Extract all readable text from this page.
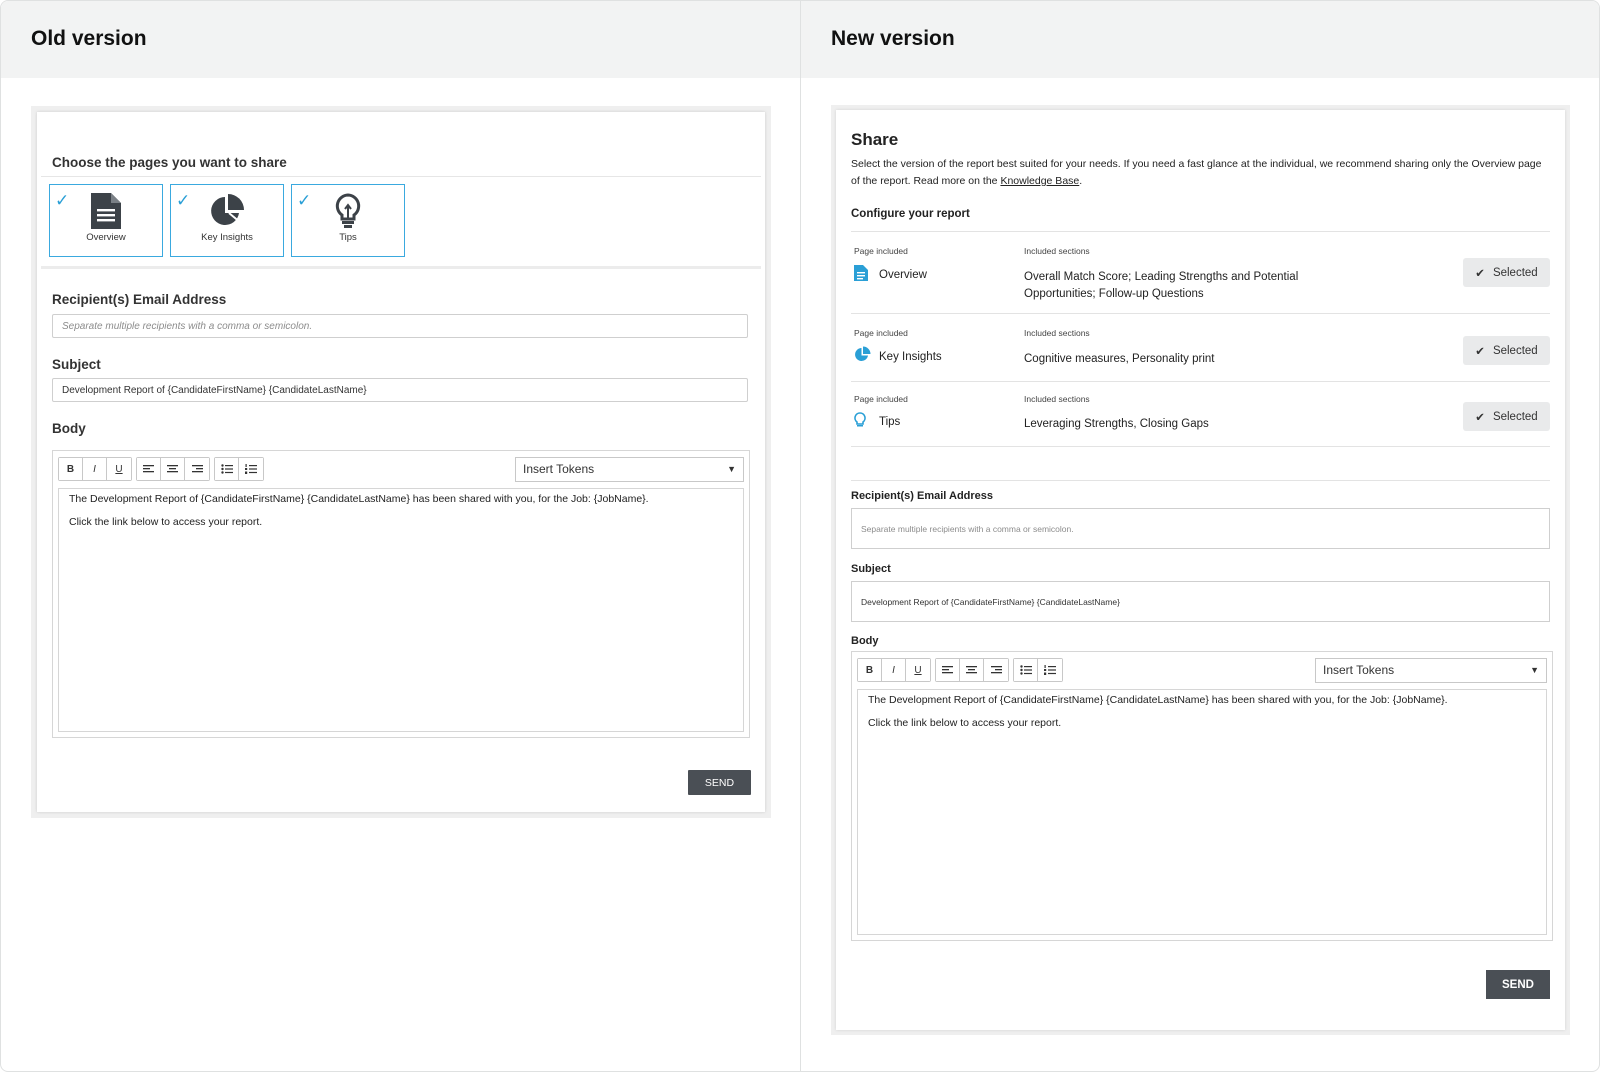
Old version
Choose the pages you want to share
✓
Overview
✓
Key Insights
✓
Tips
Recipient(s) Email Address
Separate multiple recipients with a comma or semicolon.
Subject
Development Report of {CandidateFirstName} {CandidateLastName}
Body
B	I	U	Insert Tokens	▼

The Development Report of {CandidateFirstName} {CandidateLastName} has been shared with you, for the Job: {JobName}.

Click the link below to access your report.

SEND
New version
Share
Select the version of the report best suited for your needs. If you need a fast glance at the individual, we recommend sharing only the Overview page of the report. Read more on the Knowledge Base.
Configure your report
Page included	Included sections
Overview	Overall Match Score; Leading Strengths and Potential Opportunities; Follow-up Questions
✔ Selected
Page included	Included sections
Key Insights	Cognitive measures, Personality print
✔ Selected
Page included	Included sections
Tips	Leveraging Strengths, Closing Gaps
✔ Selected
Recipient(s) Email Address
Separate multiple recipients with a comma or semicolon.
Subject
Development Report of {CandidateFirstName} {CandidateLastName}
Body
B	I	U	Insert Tokens	▼

The Development Report of {CandidateFirstName} {CandidateLastName} has been shared with you, for the Job: {JobName}.

Click the link below to access your report.

SEND
